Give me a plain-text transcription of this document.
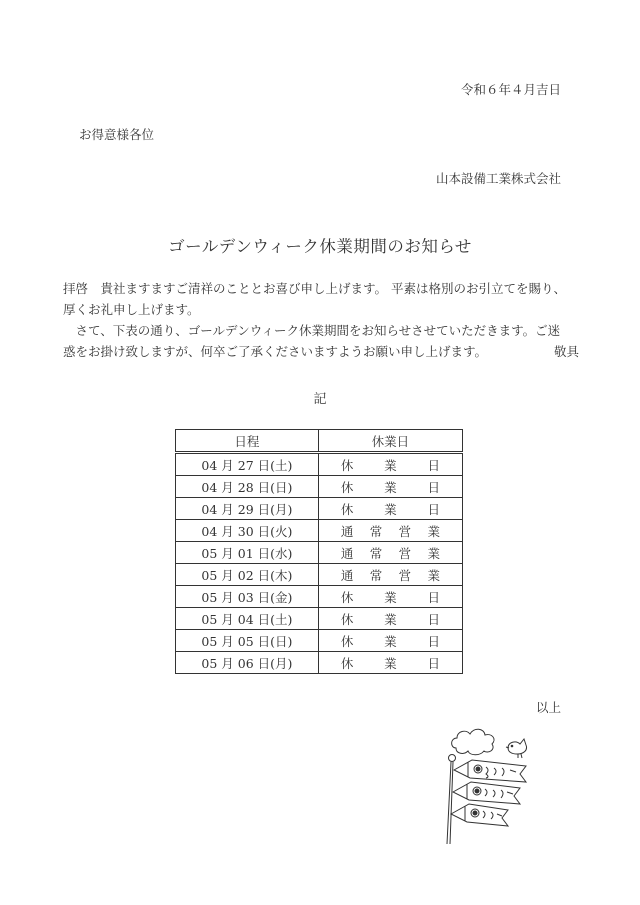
令和６年４月吉日
お得意様各位
山本設備工業株式会社
ゴールデンウィーク休業期間のお知らせ
拝啓　貴社ますますご清祥のこととお喜び申し上げます。 平素は格別のお引立てを賜り、
厚くお礼申し上げます。
さて、下表の通り、ゴールデンウィーク休業期間をお知らせさせていただきます。ご迷
惑をお掛け致しますが、何卒ご了承くださいますようお願い申し上げます。	敬具
記
日程	休業日
04 月 27 日(土)	休 業 日

04 月 28 日(日)	休 業 日

04 月 29 日(月)	休 業 日

04 月 30 日(火)	通 常 営 業

05 月 01 日(水)	通 常 営 業

05 月 02 日(木)	通 常 営 業

05 月 03 日(金)	休 業 日

05 月 04 日(土)	休 業 日

05 月 05 日(日)	休 業 日

05 月 06 日(月)	休 業 日
以上
